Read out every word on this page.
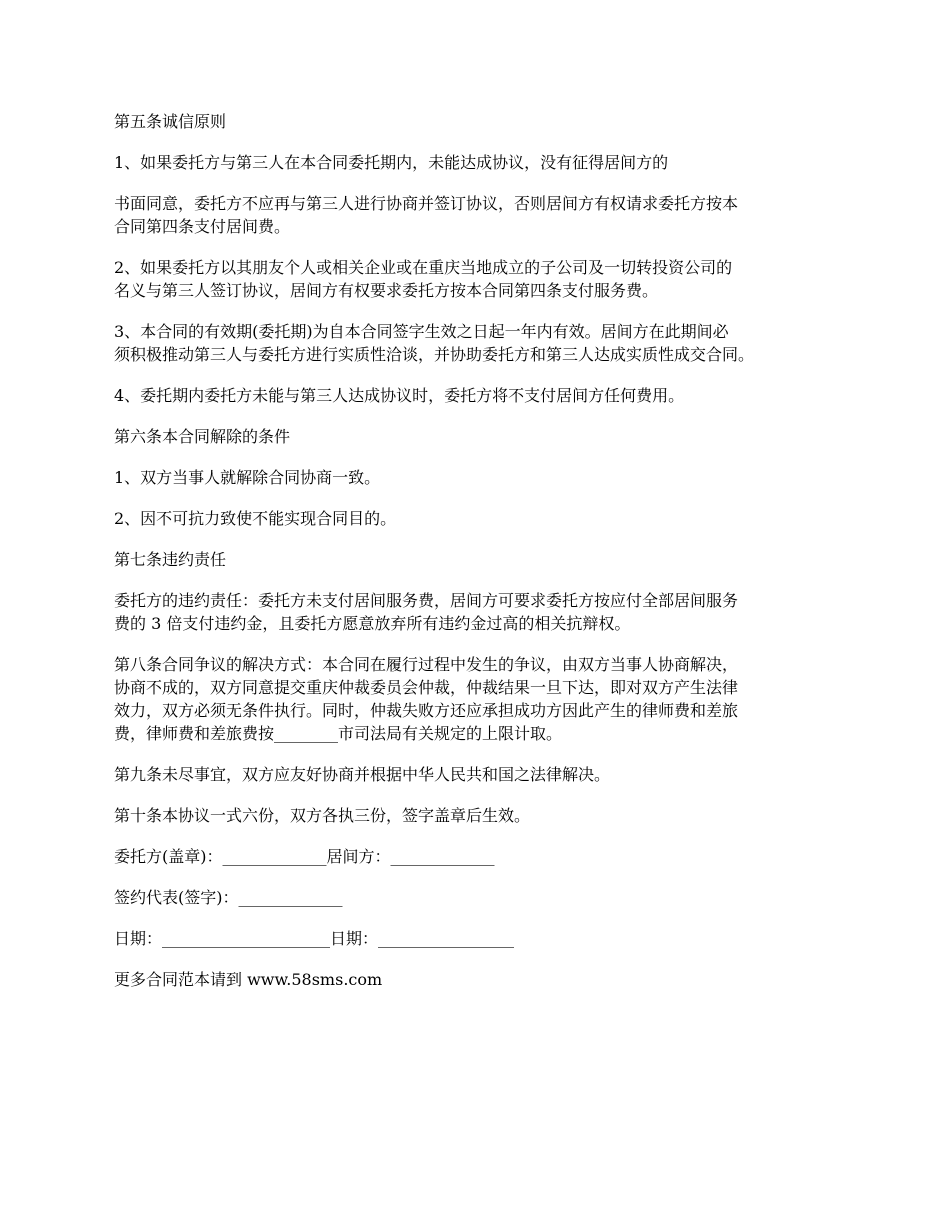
第五条诚信原则

1、如果委托方与第三人在本合同委托期内，未能达成协议，没有征得居间方的

书面同意，委托方不应再与第三人进行协商并签订协议，否则居间方有权请求委托方按本
合同第四条支付居间费。

2、如果委托方以其朋友个人或相关企业或在重庆当地成立的子公司及一切转投资公司的
名义与第三人签订协议，居间方有权要求委托方按本合同第四条支付服务费。

3、本合同的有效期(委托期)为自本合同签字生效之日起一年内有效。居间方在此期间必
须积极推动第三人与委托方进行实质性洽谈，并协助委托方和第三人达成实质性成交合同。

4、委托期内委托方未能与第三人达成协议时，委托方将不支付居间方任何费用。

第六条本合同解除的条件

1、双方当事人就解除合同协商一致。

2、因不可抗力致使不能实现合同目的。

第七条违约责任

委托方的违约责任：委托方未支付居间服务费，居间方可要求委托方按应付全部居间服务
费的 3 倍支付违约金，且委托方愿意放弃所有违约金过高的相关抗辩权。

第八条合同争议的解决方式：本合同在履行过程中发生的争议，由双方当事人协商解决，
协商不成的，双方同意提交重庆仲裁委员会仲裁，仲裁结果一旦下达，即对双方产生法律
效力，双方必须无条件执行。同时，仲裁失败方还应承担成功方因此产生的律师费和差旅
费，律师费和差旅费按________市司法局有关规定的上限计取。

第九条未尽事宜，双方应友好协商并根据中华人民共和国之法律解决。

第十条本协议一式六份，双方各执三份，签字盖章后生效。

委托方(盖章)：_____________居间方：_____________

签约代表(签字)：_____________

日期：_____________________日期：_________________

更多合同范本请到 www.58sms.com
